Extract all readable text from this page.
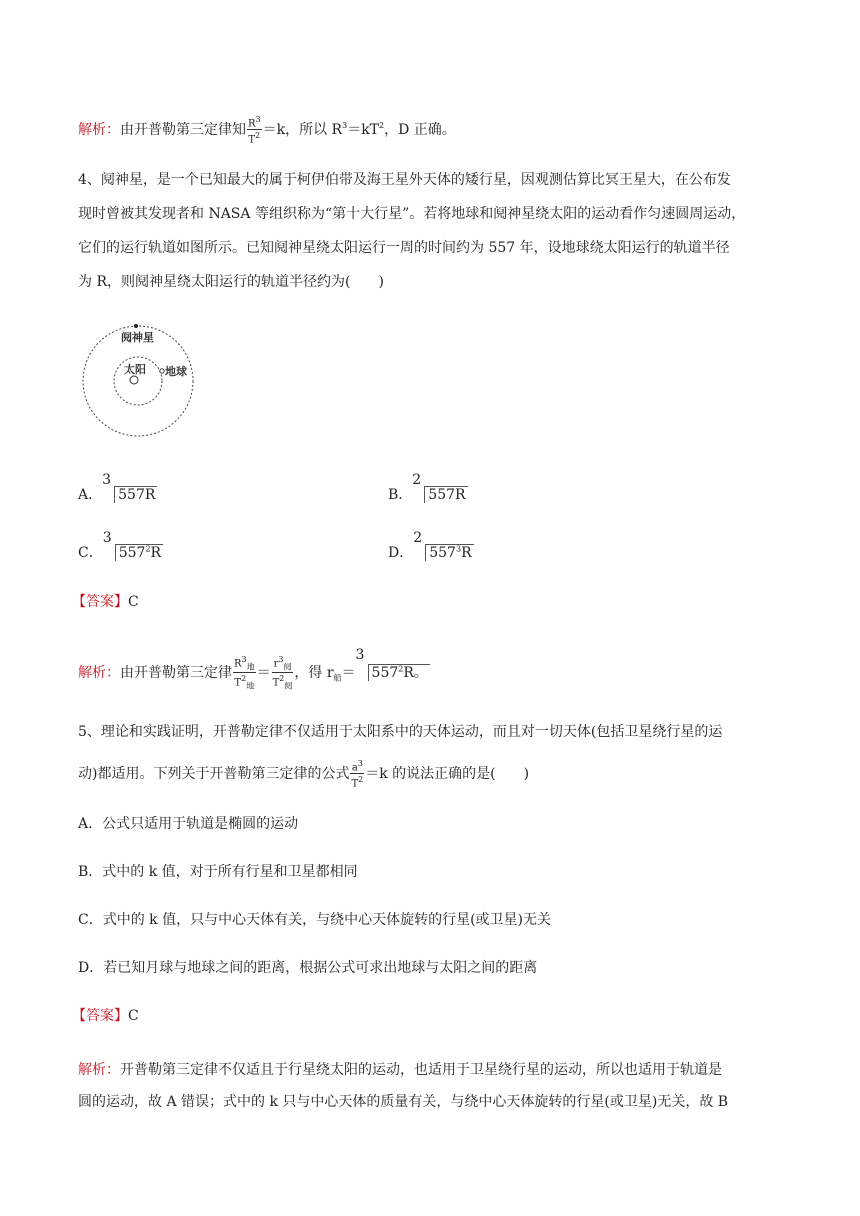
解析：由开普勒第三定律知 $\frac{R^3}{T^2} =k$，所以 $R^3=kT^2$，D 正确。
4、阋神星，是一个已知最大的属于柯伊伯带及海王星外天体的矮行星，因观测估算比冥王星大，在公布发
现时曾被其发现者和 NASA 等组织称为“第十大行星”。若将地球和阋神星绕太阳的运动看作匀速圆周运动，
它们的运行轨道如图所示。已知阋神星绕太阳运行一周的时间约为 557 年，设地球绕太阳运行的轨道半径
为 R，则阋神星绕太阳运行的轨道半径约为(　　)
阋神星
太阳 地球
A．
3
557R	B．
2
557R
C．
3
$557^2R$	D．
2
$557^3R$
【答案】C
解析：由开普勒第三定律 $\frac{R^3_地}{T^2_地} = \frac{r^3_阋}{T^2_阋}$ ，得 $r_船=$
3
$557^2R$。
5、理论和实践证明，开普勒定律不仅适用于太阳系中的天体运动，而且对一切天体(包括卫星绕行星的运
动)都适用。下列关于开普勒第三定律的公式 $\frac{a^3}{T^2} =k$ 的说法正确的是(　　)
A．公式只适用于轨道是椭圆的运动
B．式中的 k 值，对于所有行星和卫星都相同
C．式中的 k 值，只与中心天体有关，与绕中心天体旋转的行星(或卫星)无关
D．若已知月球与地球之间的距离，根据公式可求出地球与太阳之间的距离
【答案】C
解析：开普勒第三定律不仅适且于行星绕太阳的运动，也适用于卫星绕行星的运动，所以也适用于轨道是
圆的运动，故 A 错误；式中的 k 只与中心天体的质量有关，与绕中心天体旋转的行星(或卫星)无关，故 B
